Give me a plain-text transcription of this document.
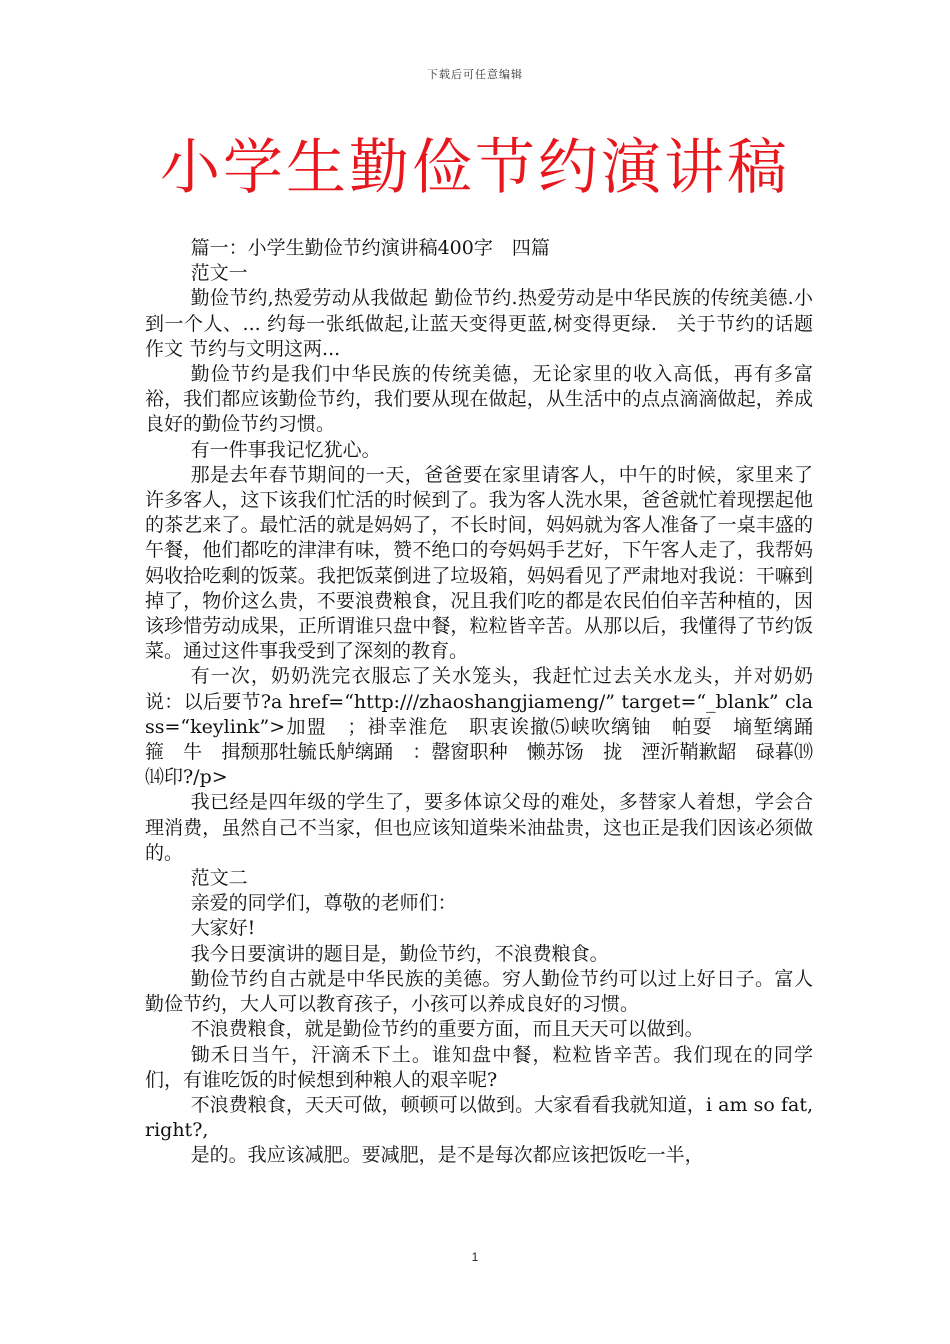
下载后可任意编辑
小学生勤俭节约演讲稿

篇一：小学生勤俭节约演讲稿400字　四篇

范文一

勤俭节约,热爱劳动从我做起 勤俭节约.热爱劳动是中华民族的传统美德.小到一个人、... 约每一张纸做起,让蓝天变得更蓝,树变得更绿.　关于节约的话题作文 节约与文明这两...

勤俭节约是我们中华民族的传统美德，无论家里的收入高低，再有多富裕，我们都应该勤俭节约，我们要从现在做起，从生活中的点点滴滴做起，养成良好的勤俭节约习惯。

有一件事我记忆犹心。

那是去年春节期间的一天，爸爸要在家里请客人，中午的时候，家里来了许多客人，这下该我们忙活的时候到了。我为客人洗水果，爸爸就忙着现摆起他的茶艺来了。最忙活的就是妈妈了，不长时间，妈妈就为客人准备了一桌丰盛的午餐，他们都吃的津津有味，赞不绝口的夸妈妈手艺好，下午客人走了，我帮妈妈收拾吃剩的饭菜。我把饭菜倒进了垃圾箱，妈妈看见了严肃地对我说：干嘛到掉了，物价这么贵，不要浪费粮食，况且我们吃的都是农民伯伯辛苦种植的，因该珍惜劳动成果，正所谓谁只盘中餐，粒粒皆辛苦。从那以后，我懂得了节约饭菜。通过这件事我受到了深刻的教育。

有一次，奶奶洗完衣服忘了关水笼头，我赶忙过去关水龙头，并对奶奶说：以后要节?a href=“http:///zhaoshangjiameng/” target=“_blank” class=“keylink”>加盟　；褂幸淮危　职衷诶撤⑸峡吹缡铀　帕耍　墒堑缡踊　箍　牛　揖颓那牡毓氐舻缡踊　：罄窗职种　懒苏饧　拢　湮沂鞘歉龆　碌暮⒆⒁印?/p>

我已经是四年级的学生了，要多体谅父母的难处，多替家人着想，学会合理消费，虽然自己不当家，但也应该知道柴米油盐贵，这也正是我们因该必须做的。

范文二

亲爱的同学们，尊敬的老师们：

大家好!

我今日要演讲的题目是，勤俭节约，不浪费粮食。

勤俭节约自古就是中华民族的美德。穷人勤俭节约可以过上好日子。富人勤俭节约，大人可以教育孩子，小孩可以养成良好的习惯。

不浪费粮食，就是勤俭节约的重要方面，而且天天可以做到。

锄禾日当午，汗滴禾下土。谁知盘中餐，粒粒皆辛苦。我们现在的同学们，有谁吃饭的时候想到种粮人的艰辛呢?

不浪费粮食，天天可做，顿顿可以做到。大家看看我就知道，i am so fat,　right?,

是的。我应该减肥。要减肥，是不是每次都应该把饭吃一半，

1
